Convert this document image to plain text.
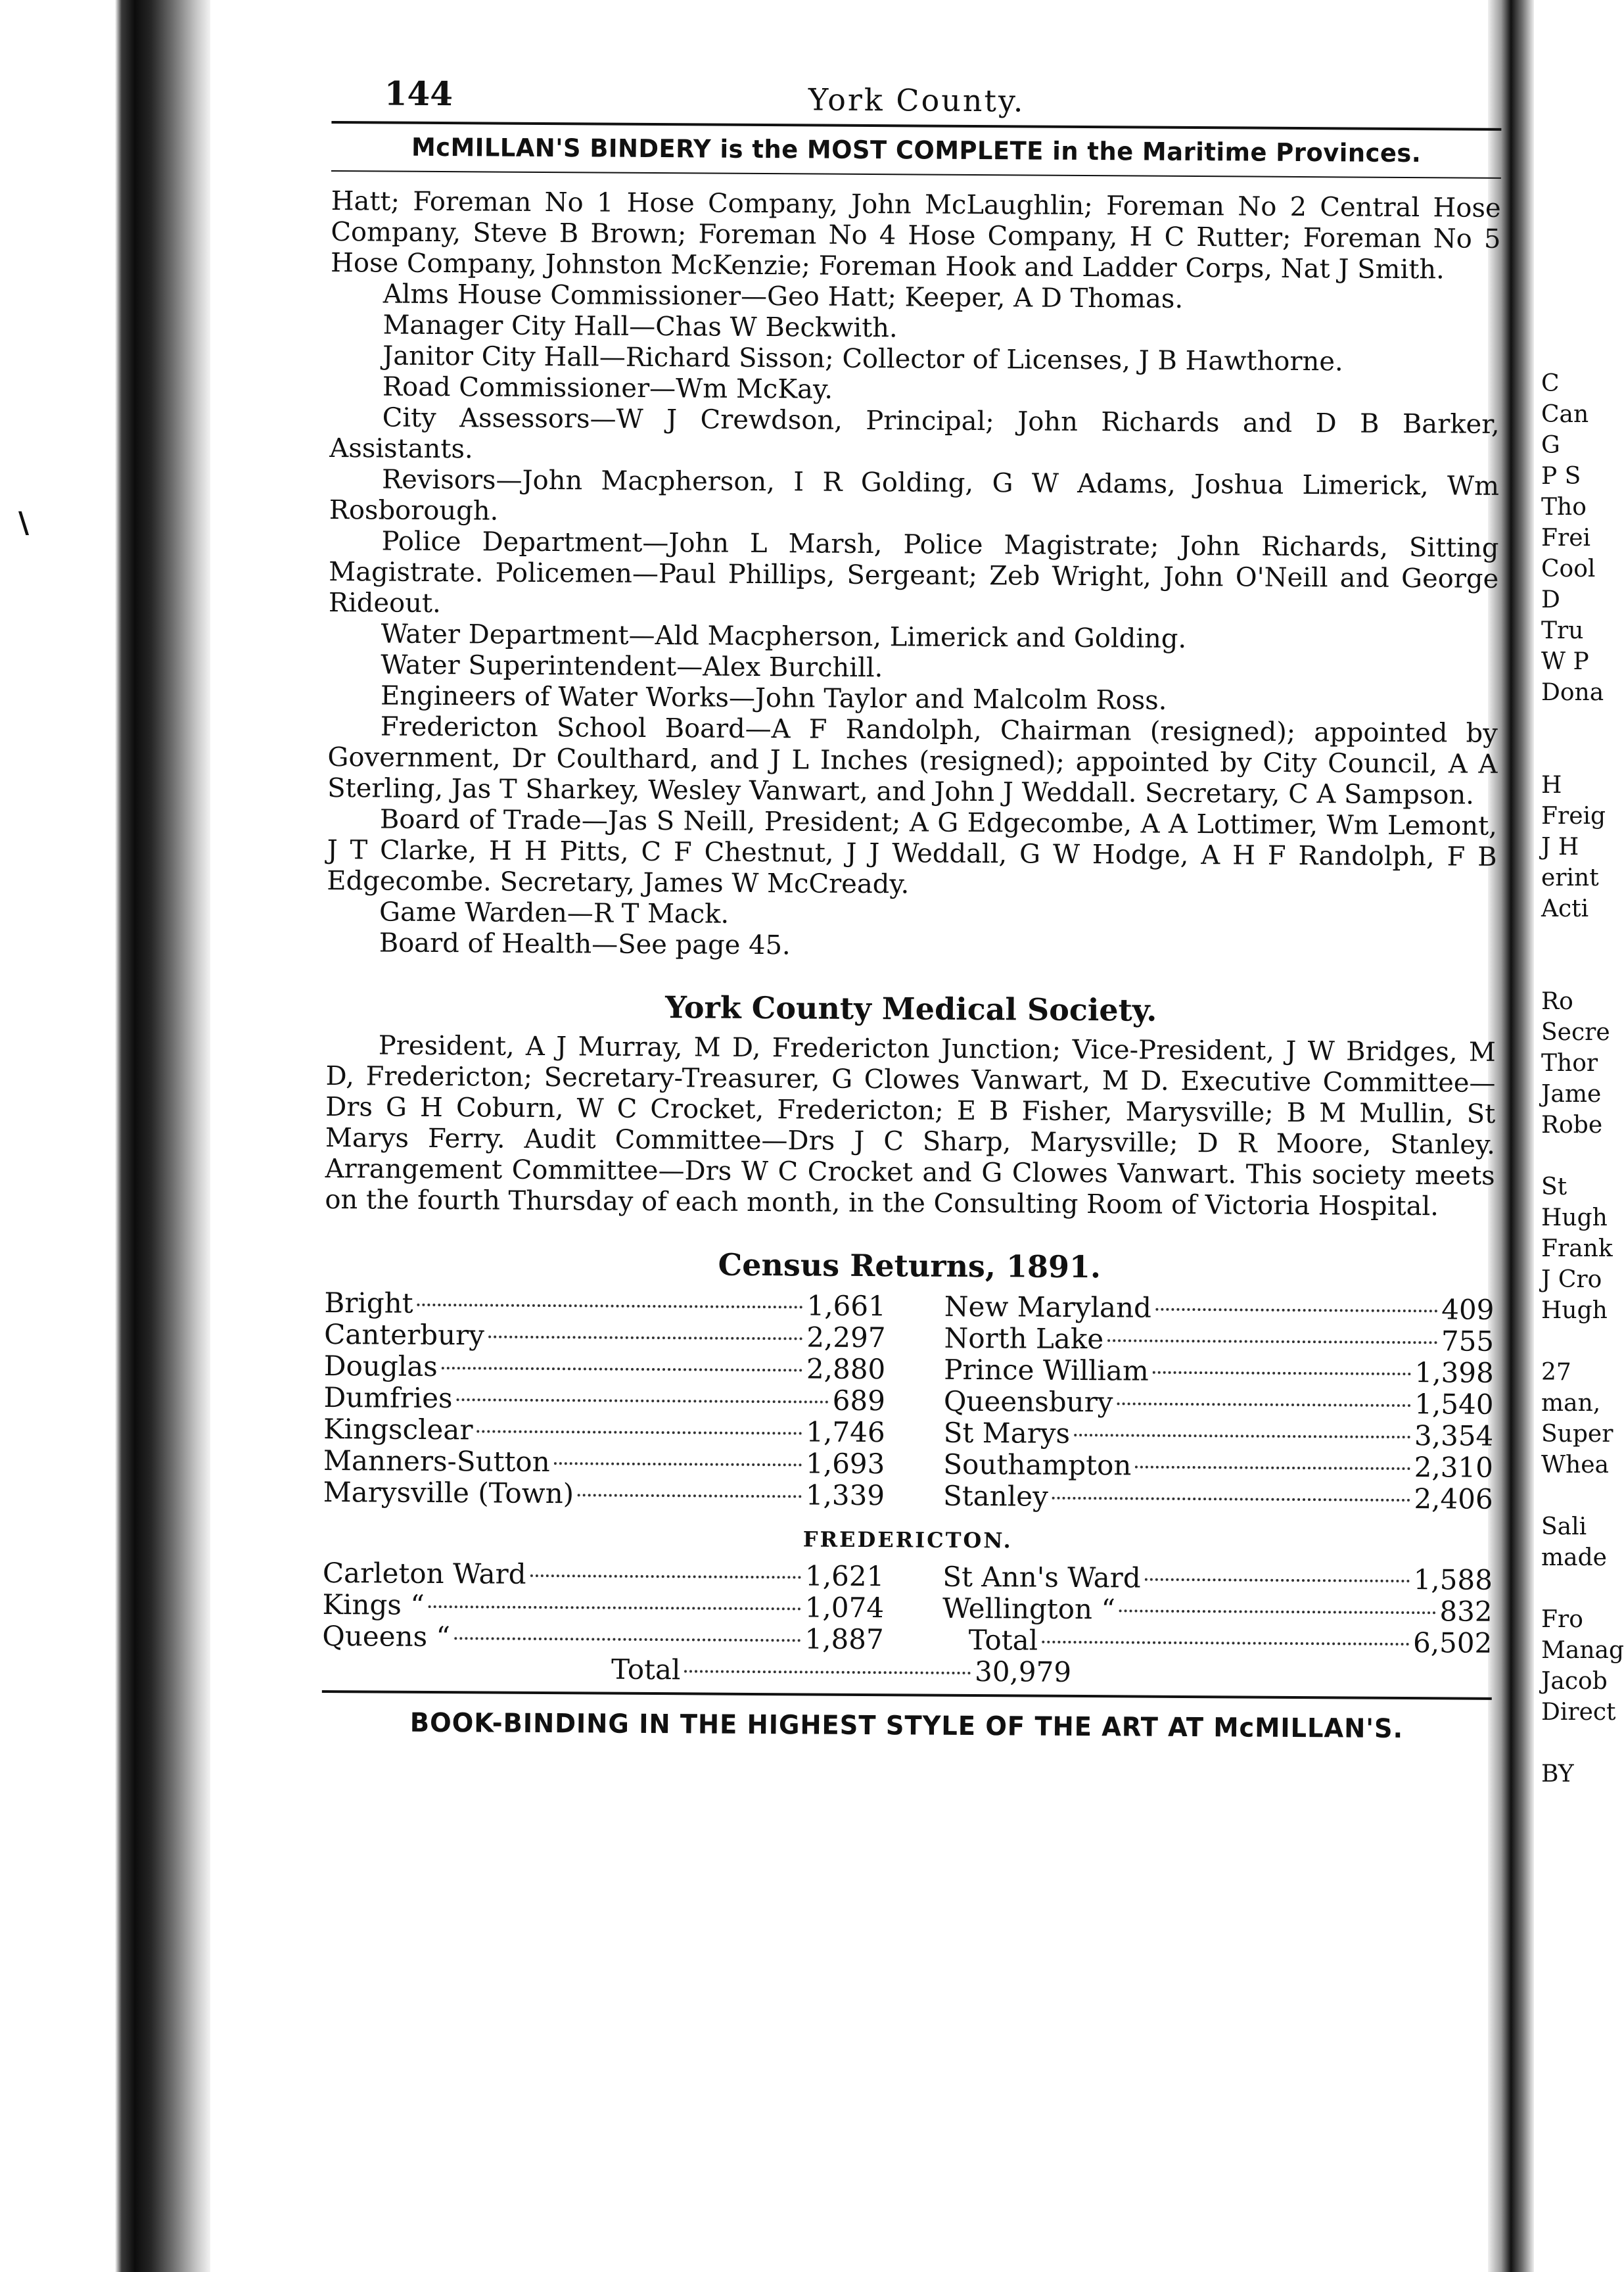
\
144	York County.
McMILLAN'S BINDERY is the MOST COMPLETE in the Maritime Provinces.

Hatt; Foreman No 1 Hose Company, John McLaughlin; Foreman No 2 Central Hose Company, Steve B Brown; Foreman No 4 Hose Company, H C Rutter; Foreman No 5 Hose Company, Johnston McKenzie; Foreman Hook and Ladder Corps, Nat J Smith.

Alms House Commissioner—Geo Hatt; Keeper, A D Thomas.

Manager City Hall—Chas W Beckwith.

Janitor City Hall—Richard Sisson; Collector of Licenses, J B Hawthorne.

Road Commissioner—Wm McKay.

City Assessors—W J Crewdson, Principal; John Richards and D B Barker, Assistants.

Revisors—John Macpherson, I R Golding, G W Adams, Joshua Limerick, Wm Rosborough.

Police Department—John L Marsh, Police Magistrate; John Richards, Sitting Magistrate. Policemen—Paul Phillips, Sergeant; Zeb Wright, John O'Neill and George Rideout.

Water Department—Ald Macpherson, Limerick and Golding.

Water Superintendent—Alex Burchill.

Engineers of Water Works—John Taylor and Malcolm Ross.

Fredericton School Board—A F Randolph, Chairman (resigned); appointed by Government, Dr Coulthard, and J L Inches (resigned); appointed by City Council, A A Sterling, Jas T Sharkey, Wesley Vanwart, and John J Weddall. Secretary, C A Sampson.

Board of Trade—Jas S Neill, President; A G Edgecombe, A A Lottimer, Wm Lemont, J T Clarke, H H Pitts, C F Chestnut, J J Weddall, G W Hodge, A H F Randolph, F B Edgecombe. Secretary, James W McCready.

Game Warden—R T Mack.

Board of Health—See page 45.

York County Medical Society.

President, A J Murray, M D, Fredericton Junction; Vice-President, J W Bridges, M D, Fredericton; Secretary-Treasurer, G Clowes Vanwart, M D. Executive Committee—Drs G H Coburn, W C Crocket, Fredericton; E B Fisher, Marysville; B M Mullin, St Marys Ferry. Audit Committee—Drs J C Sharp, Marysville; D R Moore, Stanley. Arrangement Committee—Drs W C Crocket and G Clowes Vanwart. This society meets on the fourth Thursday of each month, in the Consulting Room of Victoria Hospital.

Census Returns, 1891.
Bright	1,661
Canterbury	2,297
Douglas	2,880
Dumfries	689
Kingsclear	1,746
Manners-Sutton	1,693
Marysville (Town)	1,339
New Maryland	409
North Lake	755
Prince William	1,398
Queensbury	1,540
St Marys	3,354
Southampton	2,310
Stanley	2,406
FREDERICTON.
Carleton Ward	1,621
Kings “	1,074
Queens “	1,887
St Ann's Ward	1,588
Wellington “	832
Total	6,502
Total	30,979
BOOK-BINDING IN THE HIGHEST STYLE OF THE ART AT McMILLAN'S.
C
Can
G
P S
Tho
Frei
Cool
D
Tru
W P
Dona
H
Freig
J H
erint
Acti
Ro
Secre
Thor
Jame
Robe
St
Hugh
Frank
J Cro
Hugh
27
man,
Super
Whea
Sali
made
Fro
Manag
Jacob
Direct
BY
